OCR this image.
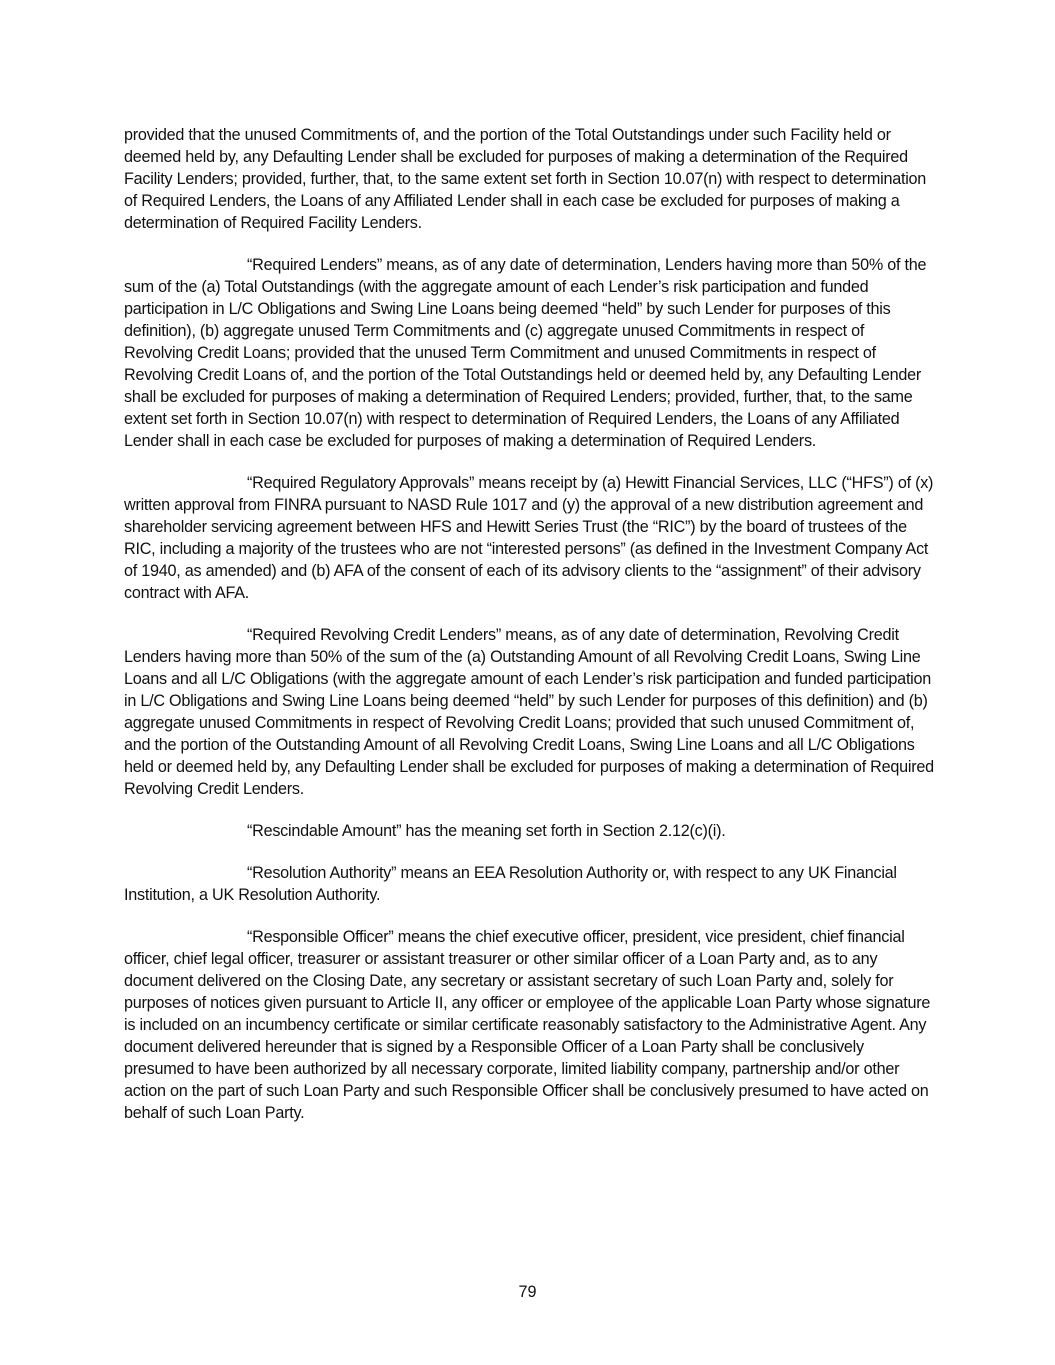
provided that the unused Commitments of, and the portion of the Total Outstandings under such Facility held or deemed held by, any Defaulting Lender shall be excluded for purposes of making a determination of the Required Facility Lenders; provided, further, that, to the same extent set forth in Section 10.07(n) with respect to determination of Required Lenders, the Loans of any Affiliated Lender shall in each case be excluded for purposes of making a determination of Required Facility Lenders.

“Required Lenders” means, as of any date of determination, Lenders having more than 50% of the sum of the (a) Total Outstandings (with the aggregate amount of each Lender’s risk participation and funded participation in L/C Obligations and Swing Line Loans being deemed “held” by such Lender for purposes of this definition), (b) aggregate unused Term Commitments and (c) aggregate unused Commitments in respect of Revolving Credit Loans; provided that the unused Term Commitment and unused Commitments in respect of Revolving Credit Loans of, and the portion of the Total Outstandings held or deemed held by, any Defaulting Lender shall be excluded for purposes of making a determination of Required Lenders; provided, further, that, to the same extent set forth in Section 10.07(n) with respect to determination of Required Lenders, the Loans of any Affiliated Lender shall in each case be excluded for purposes of making a determination of Required Lenders.

“Required Regulatory Approvals” means receipt by (a) Hewitt Financial Services, LLC (“HFS”) of (x) written approval from FINRA pursuant to NASD Rule 1017 and (y) the approval of a new distribution agreement and shareholder servicing agreement between HFS and Hewitt Series Trust (the “RIC”) by the board of trustees of the RIC, including a majority of the trustees who are not “interested persons” (as defined in the Investment Company Act of 1940, as amended) and (b) AFA of the consent of each of its advisory clients to the “assignment” of their advisory contract with AFA.

“Required Revolving Credit Lenders” means, as of any date of determination, Revolving Credit Lenders having more than 50% of the sum of the (a) Outstanding Amount of all Revolving Credit Loans, Swing Line Loans and all L/C Obligations (with the aggregate amount of each Lender’s risk participation and funded participation in L/C Obligations and Swing Line Loans being deemed “held” by such Lender for purposes of this definition) and (b) aggregate unused Commitments in respect of Revolving Credit Loans; provided that such unused Commitment of, and the portion of the Outstanding Amount of all Revolving Credit Loans, Swing Line Loans and all L/C Obligations held or deemed held by, any Defaulting Lender shall be excluded for purposes of making a determination of Required Revolving Credit Lenders.

“Rescindable Amount” has the meaning set forth in Section 2.12(c)(i).

“Resolution Authority” means an EEA Resolution Authority or, with respect to any UK Financial Institution, a UK Resolution Authority.

“Responsible Officer” means the chief executive officer, president, vice president, chief financial officer, chief legal officer, treasurer or assistant treasurer or other similar officer of a Loan Party and, as to any document delivered on the Closing Date, any secretary or assistant secretary of such Loan Party and, solely for purposes of notices given pursuant to Article II, any officer or employee of the applicable Loan Party whose signature is included on an incumbency certificate or similar certificate reasonably satisfactory to the Administrative Agent. Any document delivered hereunder that is signed by a Responsible Officer of a Loan Party shall be conclusively presumed to have been authorized by all necessary corporate, limited liability company, partnership and/or other action on the part of such Loan Party and such Responsible Officer shall be conclusively presumed to have acted on behalf of such Loan Party.

79
